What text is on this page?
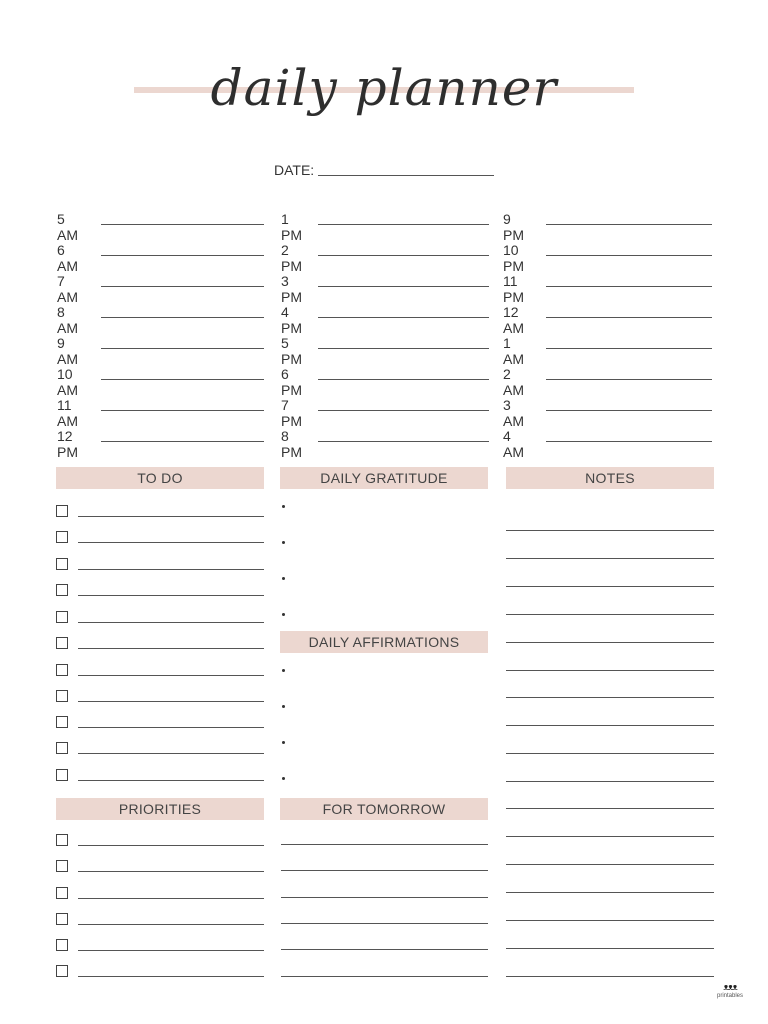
daily planner
DATE:
5 AM
6 AM
7 AM
8 AM
9 AM
10 AM
11 AM
12 PM
1 PM
2 PM
3 PM
4 PM
5 PM
6 PM
7 PM
8 PM
9 PM
10 PM
11 PM
12 AM
1 AM
2 AM
3 AM
4 AM
TO DO	DAILY GRATITUDE	NOTES
DAILY AFFIRMATIONS
PRIORITIES	FOR TOMORROW
ᴥᴥᴥ
printables
